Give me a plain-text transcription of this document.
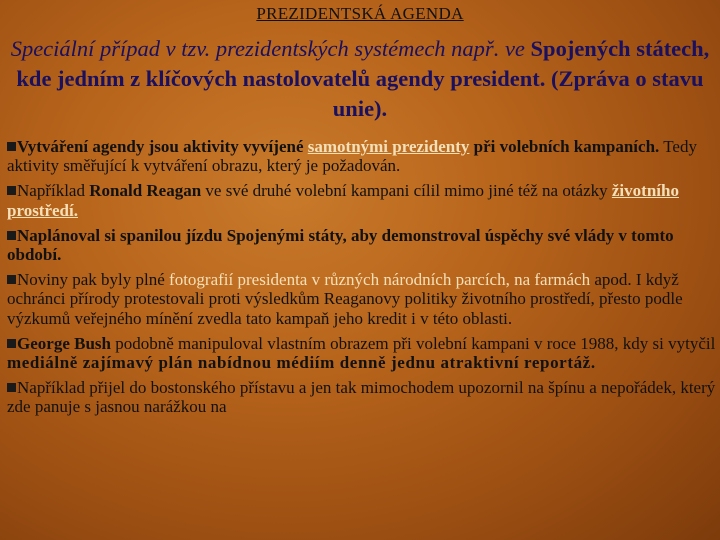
PREZIDENTSKÁ AGENDA
Speciální případ v tzv. prezidentských systémech např. ve Spojených státech, kde jedním z klíčových nastolovatelů agendy president. (Zpráva o stavu unie).

Vytváření agendy jsou aktivity vyvíjené samotnými prezidenty při volebních kampaních. Tedy aktivity směřující k vytváření obrazu, který je požadován.

Například Ronald Reagan ve své druhé volební kampani cílil mimo jiné též na otázky životního prostředí.

Naplánoval si spanilou jízdu Spojenými státy, aby demonstroval úspěchy své vlády v tomto období.

Noviny pak byly plné fotografií presidenta v různých národních parcích, na farmách apod. I když ochránci přírody protestovali proti výsledkům Reaganovy politiky životního prostředí, přesto podle výzkumů veřejného mínění zvedla tato kampaň jeho kredit i v této oblasti.

George Bush podobně manipuloval vlastním obrazem při volební kampani v roce 1988, kdy si vytyčil mediálně zajímavý plán nabídnou médiím denně jednu atraktivní reportáž.

Například přijel do bostonského přístavu a jen tak mimochodem upozornil na špínu a nepořádek, který zde panuje s jasnou narážkou na
